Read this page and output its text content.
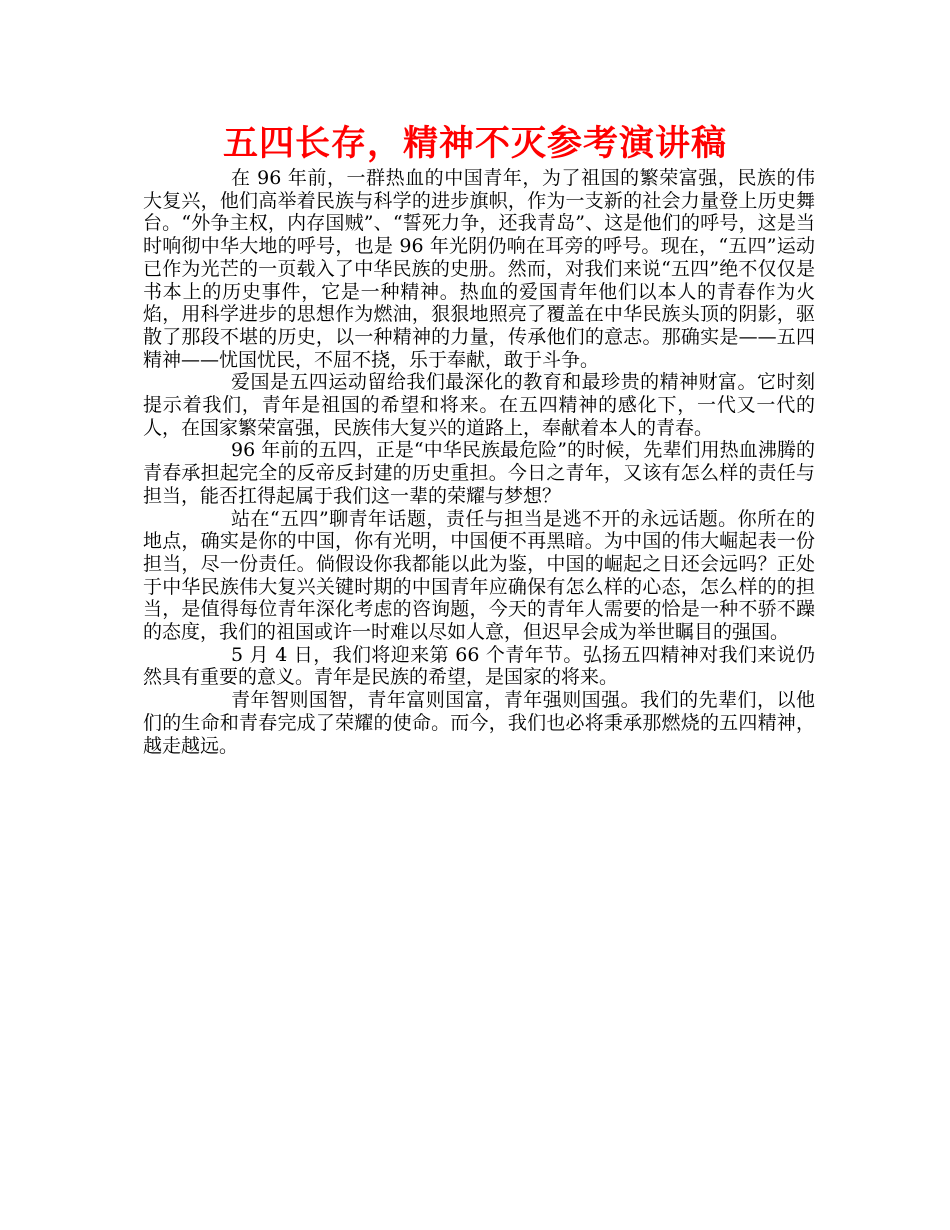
五四长存，精神不灭参考演讲稿

在 96 年前，一群热血的中国青年，为了祖国的繁荣富强，民族的伟大复兴，他们高举着民族与科学的进步旗帜，作为一支新的社会力量登上历史舞台。“外争主权，内存国贼”、“誓死力争，还我青岛”、这是他们的呼号，这是当时响彻中华大地的呼号，也是 96 年光阴仍响在耳旁的呼号。现在，“五四”运动已作为光芒的一页载入了中华民族的史册。然而，对我们来说“五四”绝不仅仅是书本上的历史事件，它是一种精神。热血的爱国青年他们以本人的青春作为火焰，用科学进步的思想作为燃油，狠狠地照亮了覆盖在中华民族头顶的阴影，驱散了那段不堪的历史，以一种精神的力量，传承他们的意志。那确实是——五四精神——忧国忧民，不屈不挠，乐于奉献，敢于斗争。

爱国是五四运动留给我们最深化的教育和最珍贵的精神财富。它时刻提示着我们，青年是祖国的希望和将来。在五四精神的感化下，一代又一代的人，在国家繁荣富强，民族伟大复兴的道路上，奉献着本人的青春。

96 年前的五四，正是“中华民族最危险”的时候，先辈们用热血沸腾的青春承担起完全的反帝反封建的历史重担。今日之青年，又该有怎么样的责任与担当，能否扛得起属于我们这一辈的荣耀与梦想？

站在“五四”聊青年话题，责任与担当是逃不开的永远话题。你所在的地点，确实是你的中国，你有光明，中国便不再黑暗。为中国的伟大崛起表一份担当，尽一份责任。倘假设你我都能以此为鉴，中国的崛起之日还会远吗？正处于中华民族伟大复兴关键时期的中国青年应确保有怎么样的心态，怎么样的的担当，是值得每位青年深化考虑的咨询题，今天的青年人需要的恰是一种不骄不躁的态度，我们的祖国或许一时难以尽如人意，但迟早会成为举世瞩目的强国。

5 月 4 日，我们将迎来第 66 个青年节。弘扬五四精神对我们来说仍然具有重要的意义。青年是民族的希望，是国家的将来。

青年智则国智，青年富则国富，青年强则国强。我们的先辈们，以他们的生命和青春完成了荣耀的使命。而今，我们也必将秉承那燃烧的五四精神，越走越远。
